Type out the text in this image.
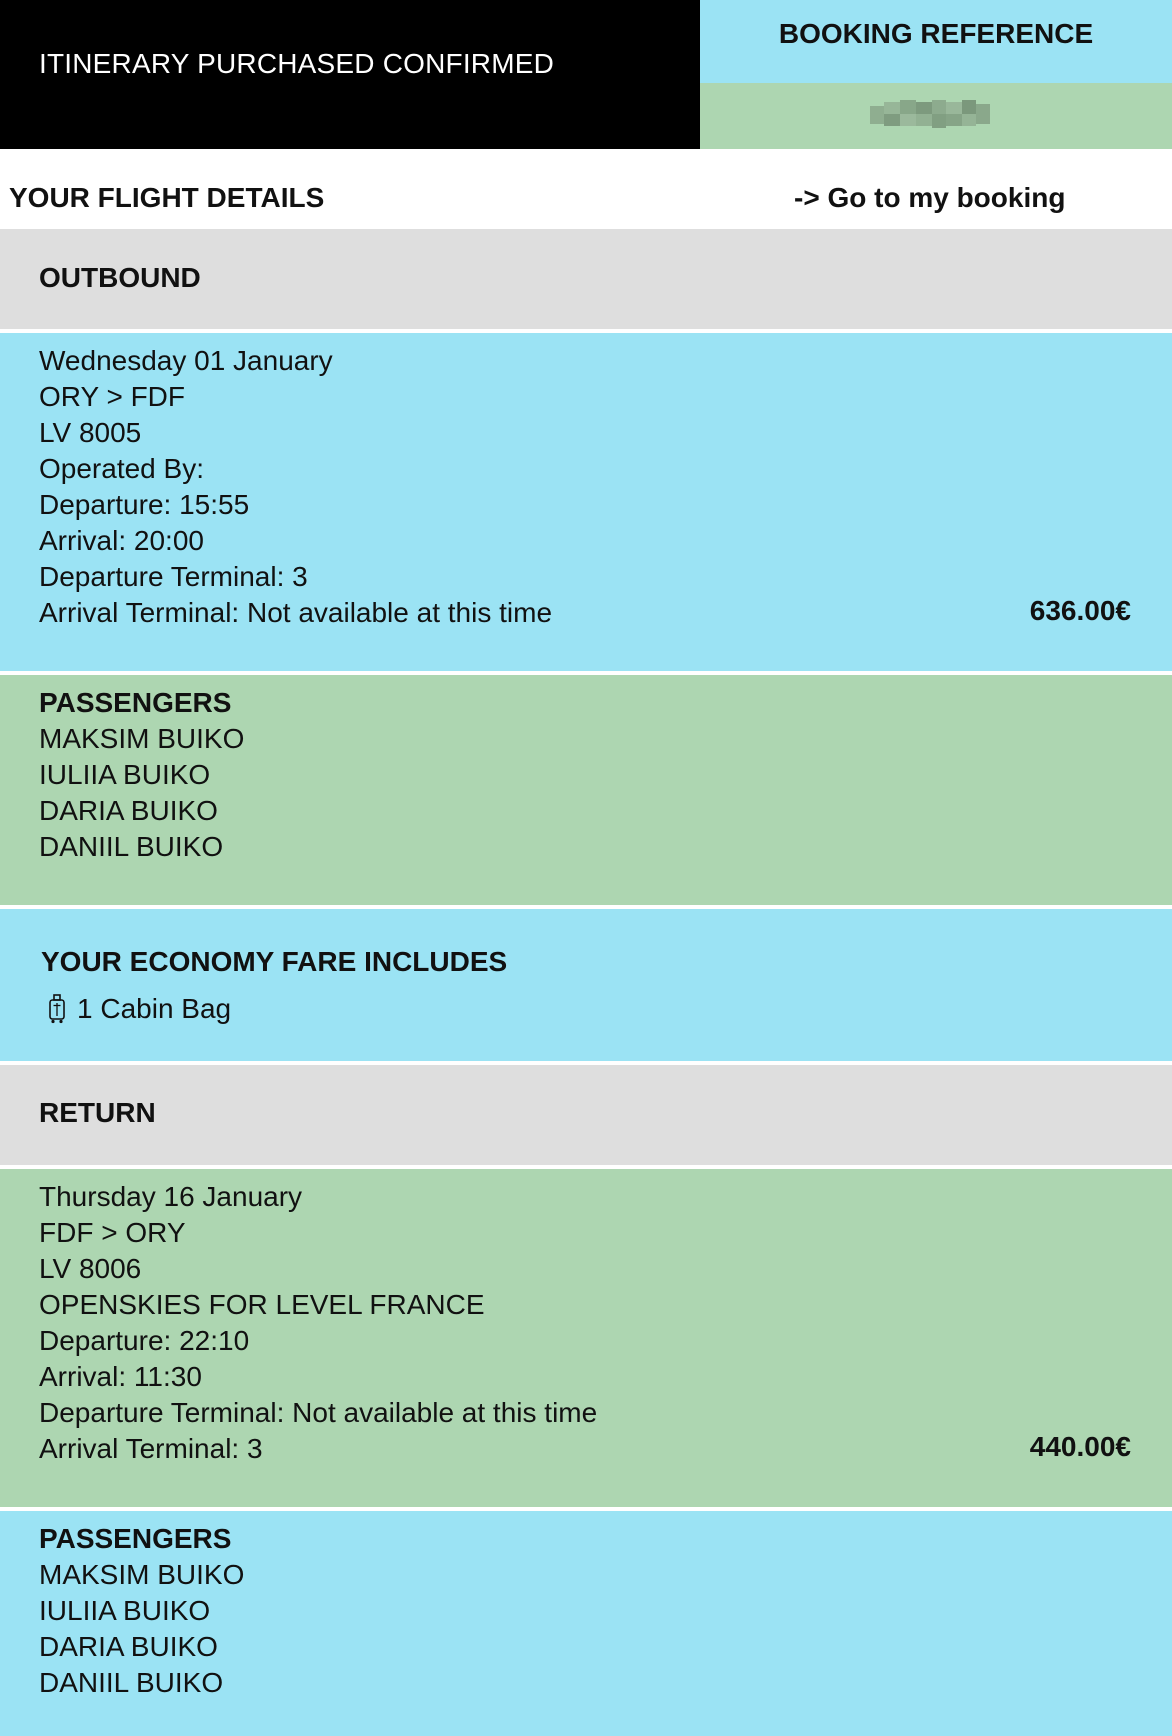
ITINERARY PURCHASED CONFIRMED
BOOKING REFERENCE
YOUR FLIGHT DETAILS	-> Go to my booking
OUTBOUND
Wednesday 01 January
ORY > FDF
LV 8005
Operated By:
Departure: 15:55
Arrival: 20:00
Departure Terminal: 3
Arrival Terminal: Not available at this time	636.00€
PASSENGERS
MAKSIM BUIKO
IULIIA BUIKO
DARIA BUIKO
DANIIL BUIKO
YOUR ECONOMY FARE INCLUDES
1 Cabin Bag
RETURN
Thursday 16 January
FDF > ORY
LV 8006
OPENSKIES FOR LEVEL FRANCE
Departure: 22:10
Arrival: 11:30
Departure Terminal: Not available at this time
Arrival Terminal: 3	440.00€
PASSENGERS
MAKSIM BUIKO
IULIIA BUIKO
DARIA BUIKO
DANIIL BUIKO
